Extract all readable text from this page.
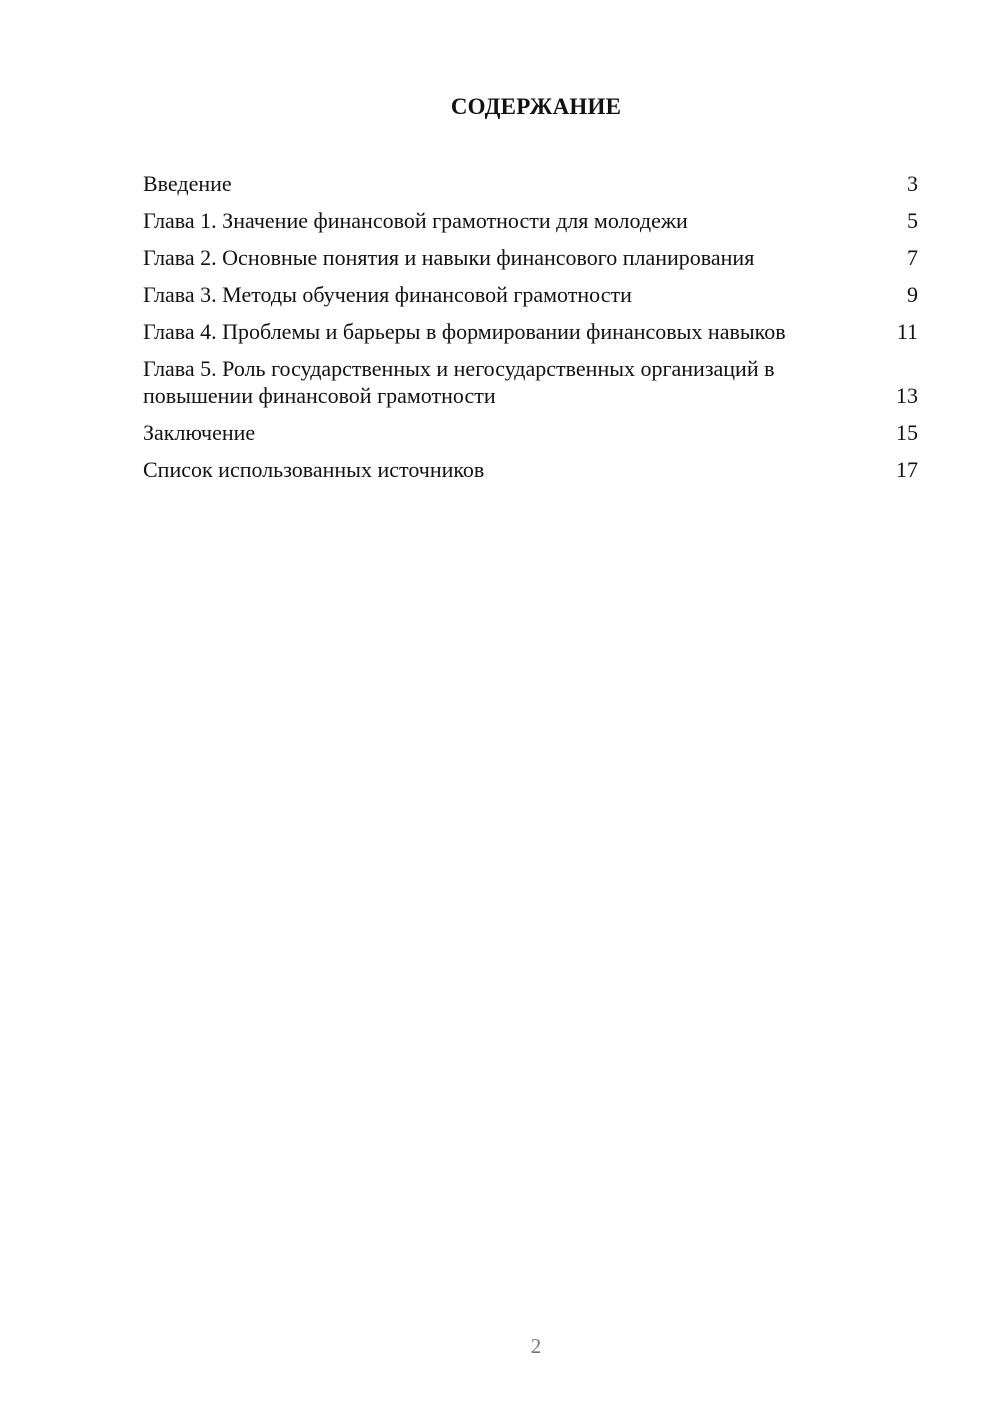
СОДЕРЖАНИЕ
Введение	3
Глава 1. Значение финансовой грамотности для молодежи	5
Глава 2. Основные понятия и навыки финансового планирования	7
Глава 3. Методы обучения финансовой грамотности	9
Глава 4. Проблемы и барьеры в формировании финансовых навыков	11
Глава 5. Роль государственных и негосударственных организаций в повышении финансовой грамотности	13
Заключение	15
Список использованных источников	17
2
